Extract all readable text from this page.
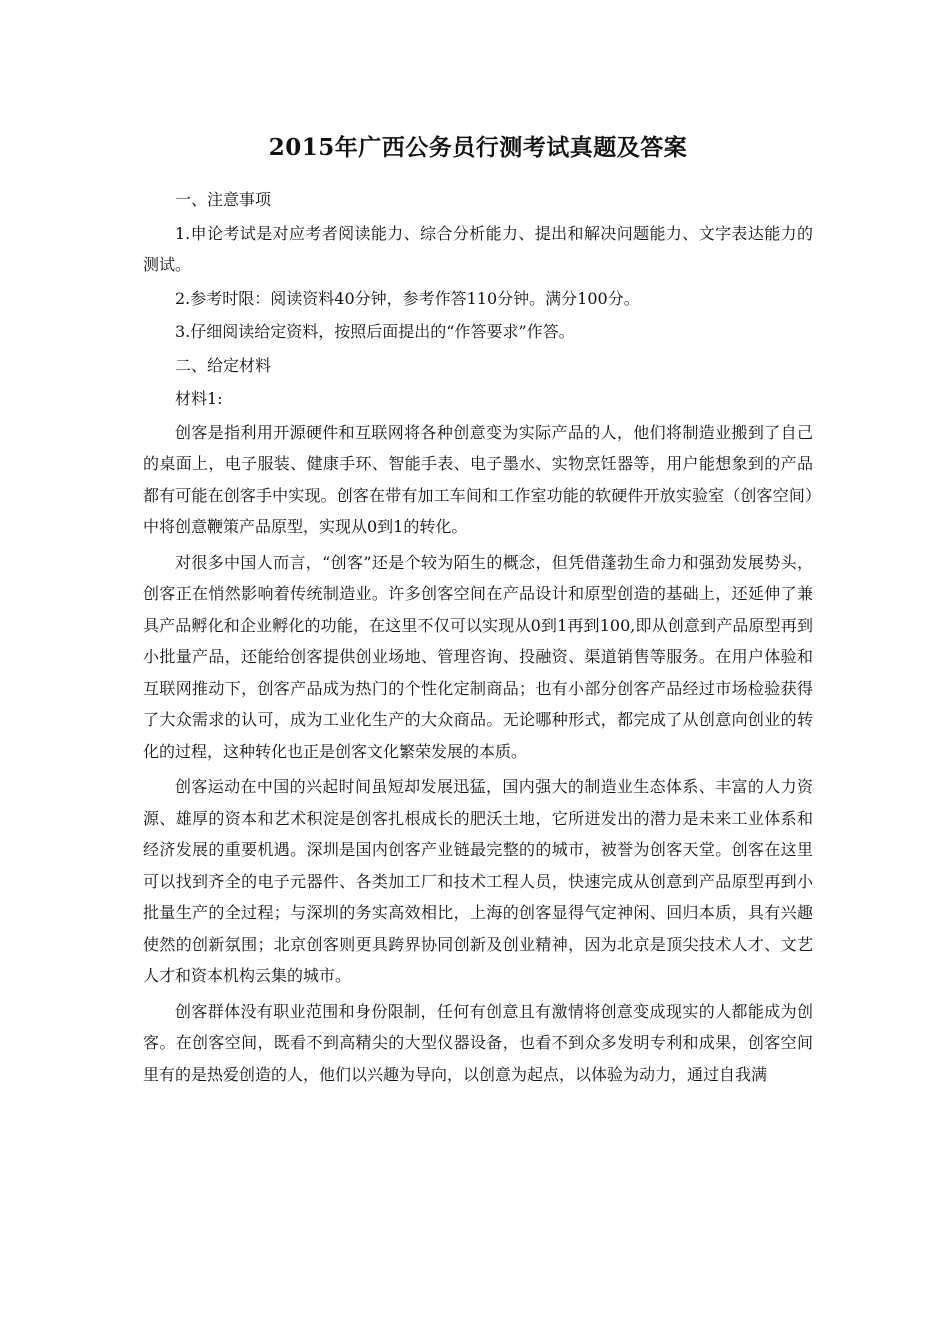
2015年广西公务员行测考试真题及答案

一、注意事项

1.申论考试是对应考者阅读能力、综合分析能力、提出和解决问题能力、文字表达能力的测试。

2.参考时限：阅读资料40分钟，参考作答110分钟。满分100分。

3.仔细阅读给定资料，按照后面提出的“作答要求”作答。

二、给定材料

材料1:

创客是指利用开源硬件和互联网将各种创意变为实际产品的人，他们将制造业搬到了自己的桌面上，电子服装、健康手环、智能手表、电子墨水、实物烹饪器等，用户能想象到的产品都有可能在创客手中实现。创客在带有加工车间和工作室功能的软硬件开放实验室（创客空间）中将创意鞭策产品原型，实现从0到1的转化。

对很多中国人而言，“创客”还是个较为陌生的概念，但凭借蓬勃生命力和强劲发展势头，创客正在悄然影响着传统制造业。许多创客空间在产品设计和原型创造的基础上，还延伸了兼具产品孵化和企业孵化的功能，在这里不仅可以实现从0到1再到100,即从创意到产品原型再到小批量产品，还能给创客提供创业场地、管理咨询、投融资、渠道销售等服务。在用户体验和互联网推动下，创客产品成为热门的个性化定制商品；也有小部分创客产品经过市场检验获得了大众需求的认可，成为工业化生产的大众商品。无论哪种形式，都完成了从创意向创业的转化的过程，这种转化也正是创客文化繁荣发展的本质。

创客运动在中国的兴起时间虽短却发展迅猛，国内强大的制造业生态体系、丰富的人力资源、雄厚的资本和艺术积淀是创客扎根成长的肥沃土地，它所迸发出的潜力是未来工业体系和经济发展的重要机遇。深圳是国内创客产业链最完整的的城市，被誉为创客天堂。创客在这里可以找到齐全的电子元器件、各类加工厂和技术工程人员，快速完成从创意到产品原型再到小批量生产的全过程；与深圳的务实高效相比，上海的创客显得气定神闲、回归本质，具有兴趣使然的创新氛围；北京创客则更具跨界协同创新及创业精神，因为北京是顶尖技术人才、文艺人才和资本机构云集的城市。

创客群体没有职业范围和身份限制，任何有创意且有激情将创意变成现实的人都能成为创客。在创客空间，既看不到高精尖的大型仪器设备，也看不到众多发明专利和成果，创客空间里有的是热爱创造的人，他们以兴趣为导向，以创意为起点，以体验为动力，通过自我满
